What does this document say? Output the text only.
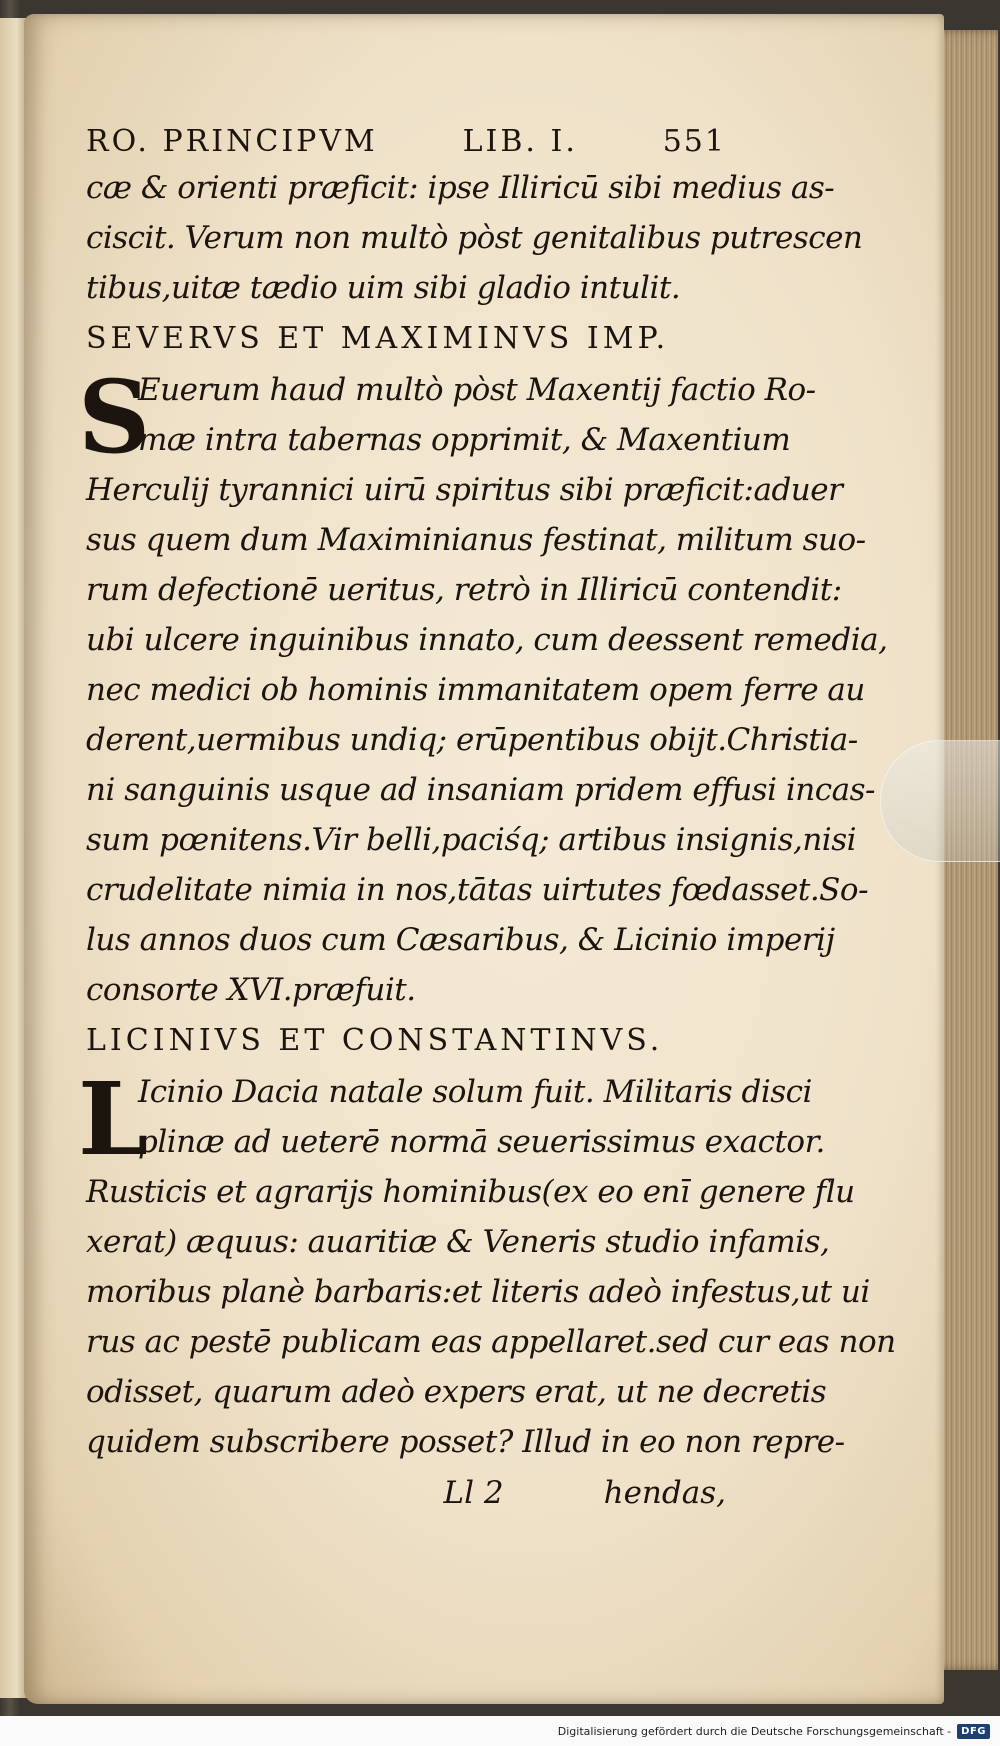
RO. PRINCIPVM	LIB. I.	551
cæ & orienti præficit: ipse Illiricū sibi medius as-
ciscit. Verum non multò pòst genitalibus putrescen
tibus,uitæ tædio uim sibi gladio intulit.
SEVERVS ET MAXIMINVS IMP.
S
Euerum haud multò pòst Maxentij factio Ro-
mæ intra tabernas opprimit, & Maxentium
Herculij tyrannici uirū spiritus sibi præficit:aduer
sus quem dum Maximinianus festinat, militum suo-
rum defectionē ueritus, retrò in Illiricū contendit:
ubi ulcere inguinibus innato, cum deessent remedia,
nec medici ob hominis immanitatem opem ferre au
derent,uermibus undiq; erūpentibus obijt.Christia-
ni sanguinis usque ad insaniam pridem effusi incas-
sum pœnitens.Vir belli,paciśq; artibus insignis,nisi
crudelitate nimia in nos,tātas uirtutes fœdasset.So-
lus annos duos cum Cæsaribus, & Licinio imperij
consorte XVI.præfuit.
LICINIVS ET CONSTANTINVS.
L
Icinio Dacia natale solum fuit. Militaris disci
plinæ ad ueterē normā seuerissimus exactor.
Rusticis et agrarijs hominibus(ex eo enī genere flu
xerat) æquus: auaritiæ & Veneris studio infamis,
moribus planè barbaris:et literis adeò infestus,ut ui
rus ac pestē publicam eas appellaret.sed cur eas non
odisset, quarum adeò expers erat, ut ne decretis
quidem subscribere posset? Illud in eo non repre-
Ll 2	hendas,
Digitalisierung gefördert durch die Deutsche Forschungsgemeinschaft -	DFG
